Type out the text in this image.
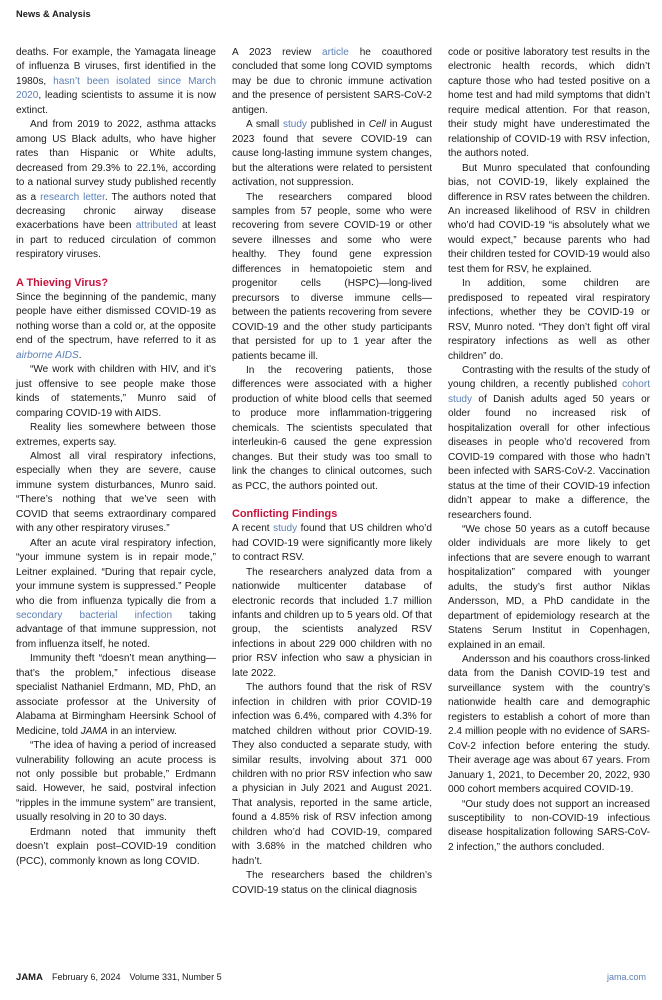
News & Analysis

deaths. For example, the Yamagata lineage of influenza B viruses, first identified in the 1980s, hasn’t been isolated since March 2020, leading scientists to assume it is now extinct.

And from 2019 to 2022, asthma attacks among US Black adults, who have higher rates than Hispanic or White adults, decreased from 29.3% to 22.1%, according to a national survey study published recently as a research letter. The authors noted that decreasing chronic airway disease exacerbations have been attributed at least in part to reduced circulation of common respiratory viruses.

A Thieving Virus?

Since the beginning of the pandemic, many people have either dismissed COVID-19 as nothing worse than a cold or, at the opposite end of the spectrum, have referred to it as airborne AIDS.

“We work with children with HIV, and it’s just offensive to see people make those kinds of statements,” Munro said of comparing COVID-19 with AIDS.

Reality lies somewhere between those extremes, experts say.

Almost all viral respiratory infections, especially when they are severe, cause immune system disturbances, Munro said. “There’s nothing that we’ve seen with COVID that seems extraordinary compared with any other respiratory viruses.”

After an acute viral respiratory infection, “your immune system is in repair mode,” Leitner explained. “During that repair cycle, your immune system is suppressed.” People who die from influenza typically die from a secondary bacterial infection taking advantage of that immune suppression, not from influenza itself, he noted.

Immunity theft “doesn’t mean anything—that’s the problem,” infectious disease specialist Nathaniel Erdmann, MD, PhD, an associate professor at the University of Alabama at Birmingham Heersink School of Medicine, told JAMA in an interview.

“The idea of having a period of increased vulnerability following an acute process is not only possible but probable,” Erdmann said. However, he said, postviral infection “ripples in the immune system” are transient, usually resolving in 20 to 30 days.

Erdmann noted that immunity theft doesn’t explain post–COVID-19 condition (PCC), commonly known as long COVID.

A 2023 review article he coauthored concluded that some long COVID symptoms may be due to chronic immune activation and the presence of persistent SARS-CoV-2 antigen.

A small study published in Cell in August 2023 found that severe COVID-19 can cause long-lasting immune system changes, but the alterations were related to persistent activation, not suppression.

The researchers compared blood samples from 57 people, some who were recovering from severe COVID-19 or other severe illnesses and some who were healthy. They found gene expression differences in hematopoietic stem and progenitor cells (HSPC)—long-lived precursors to diverse immune cells—between the patients recovering from severe COVID-19 and the other study participants that persisted for up to 1 year after the patients became ill.

In the recovering patients, those differences were associated with a higher production of white blood cells that seemed to produce more inflammation-triggering chemicals. The scientists speculated that interleukin-6 caused the gene expression changes. But their study was too small to link the changes to clinical outcomes, such as PCC, the authors pointed out.

Conflicting Findings

A recent study found that US children who’d had COVID-19 were significantly more likely to contract RSV.

The researchers analyzed data from a nationwide multicenter database of electronic records that included 1.7 million infants and children up to 5 years old. Of that group, the scientists analyzed RSV infections in about 229 000 children with no prior RSV infection who saw a physician in late 2022.

The authors found that the risk of RSV infection in children with prior COVID-19 infection was 6.4%, compared with 4.3% for matched children without prior COVID-19. They also conducted a separate study, with similar results, involving about 371 000 children with no prior RSV infection who saw a physician in July 2021 and August 2021. That analysis, reported in the same article, found a 4.85% risk of RSV infection among children who’d had COVID-19, compared with 3.68% in the matched children who hadn’t.

The researchers based the children’s COVID-19 status on the clinical diagnosis

code or positive laboratory test results in the electronic health records, which didn’t capture those who had tested positive on a home test and had mild symptoms that didn’t require medical attention. For that reason, their study might have underestimated the relationship of COVID-19 with RSV infection, the authors noted.

But Munro speculated that confounding bias, not COVID-19, likely explained the difference in RSV rates between the children. An increased likelihood of RSV in children who’d had COVID-19 “is absolutely what we would expect,” because parents who had their children tested for COVID-19 would also test them for RSV, he explained.

In addition, some children are predisposed to repeated viral respiratory infections, whether they be COVID-19 or RSV, Munro noted. “They don’t fight off viral respiratory infections as well as other children” do.

Contrasting with the results of the study of young children, a recently published cohort study of Danish adults aged 50 years or older found no increased risk of hospitalization overall for other infectious diseases in people who’d recovered from COVID-19 compared with those who hadn’t been infected with SARS-CoV-2. Vaccination status at the time of their COVID-19 infection didn’t appear to make a difference, the researchers found.

“We chose 50 years as a cutoff because older individuals are more likely to get infections that are severe enough to warrant hospitalization” compared with younger adults, the study’s first author Niklas Andersson, MD, a PhD candidate in the department of epidemiology research at the Statens Serum Institut in Copenhagen, explained in an email.

Andersson and his coauthors cross-linked data from the Danish COVID-19 test and surveillance system with the country’s nationwide health care and demographic registers to establish a cohort of more than 2.4 million people with no evidence of SARS-CoV-2 infection before entering the study. Their average age was about 67 years. From January 1, 2021, to December 20, 2022, 930 000 cohort members acquired COVID-19.

“Our study does not support an increased susceptibility to non-COVID-19 infectious disease hospitalization following SARS-CoV-2 infection,” the authors concluded.

JAMA February 6, 2024 Volume 331, Number 5	jama.com
